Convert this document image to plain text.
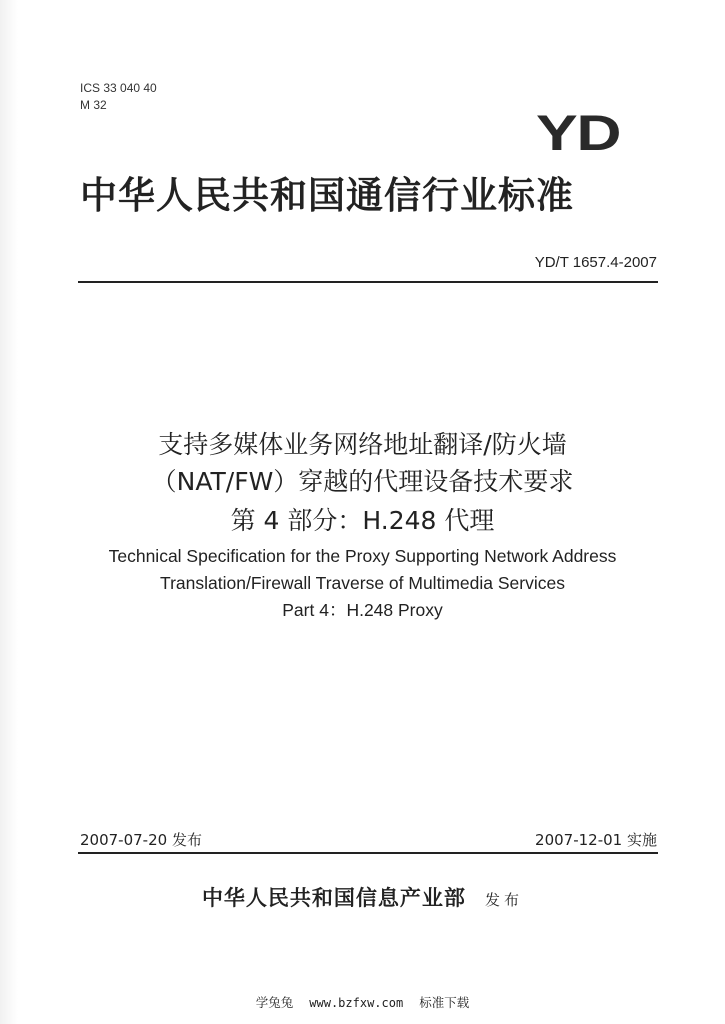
ICS 33 040 40
M 32	YD
中华人民共和国通信行业标准
YD/T 1657.4-2007
支持多媒体业务网络地址翻译/防火墙
（NAT/FW）穿越的代理设备技术要求
第 4 部分：H.248 代理
Technical Specification for the Proxy Supporting Network Address
Translation/Firewall Traverse of Multimedia Services
Part 4：H.248 Proxy
2007-07-20 发布	2007-12-01 实施
中华人民共和国信息产业部 发布
学兔兔 www.bzfxw.com 标准下载
